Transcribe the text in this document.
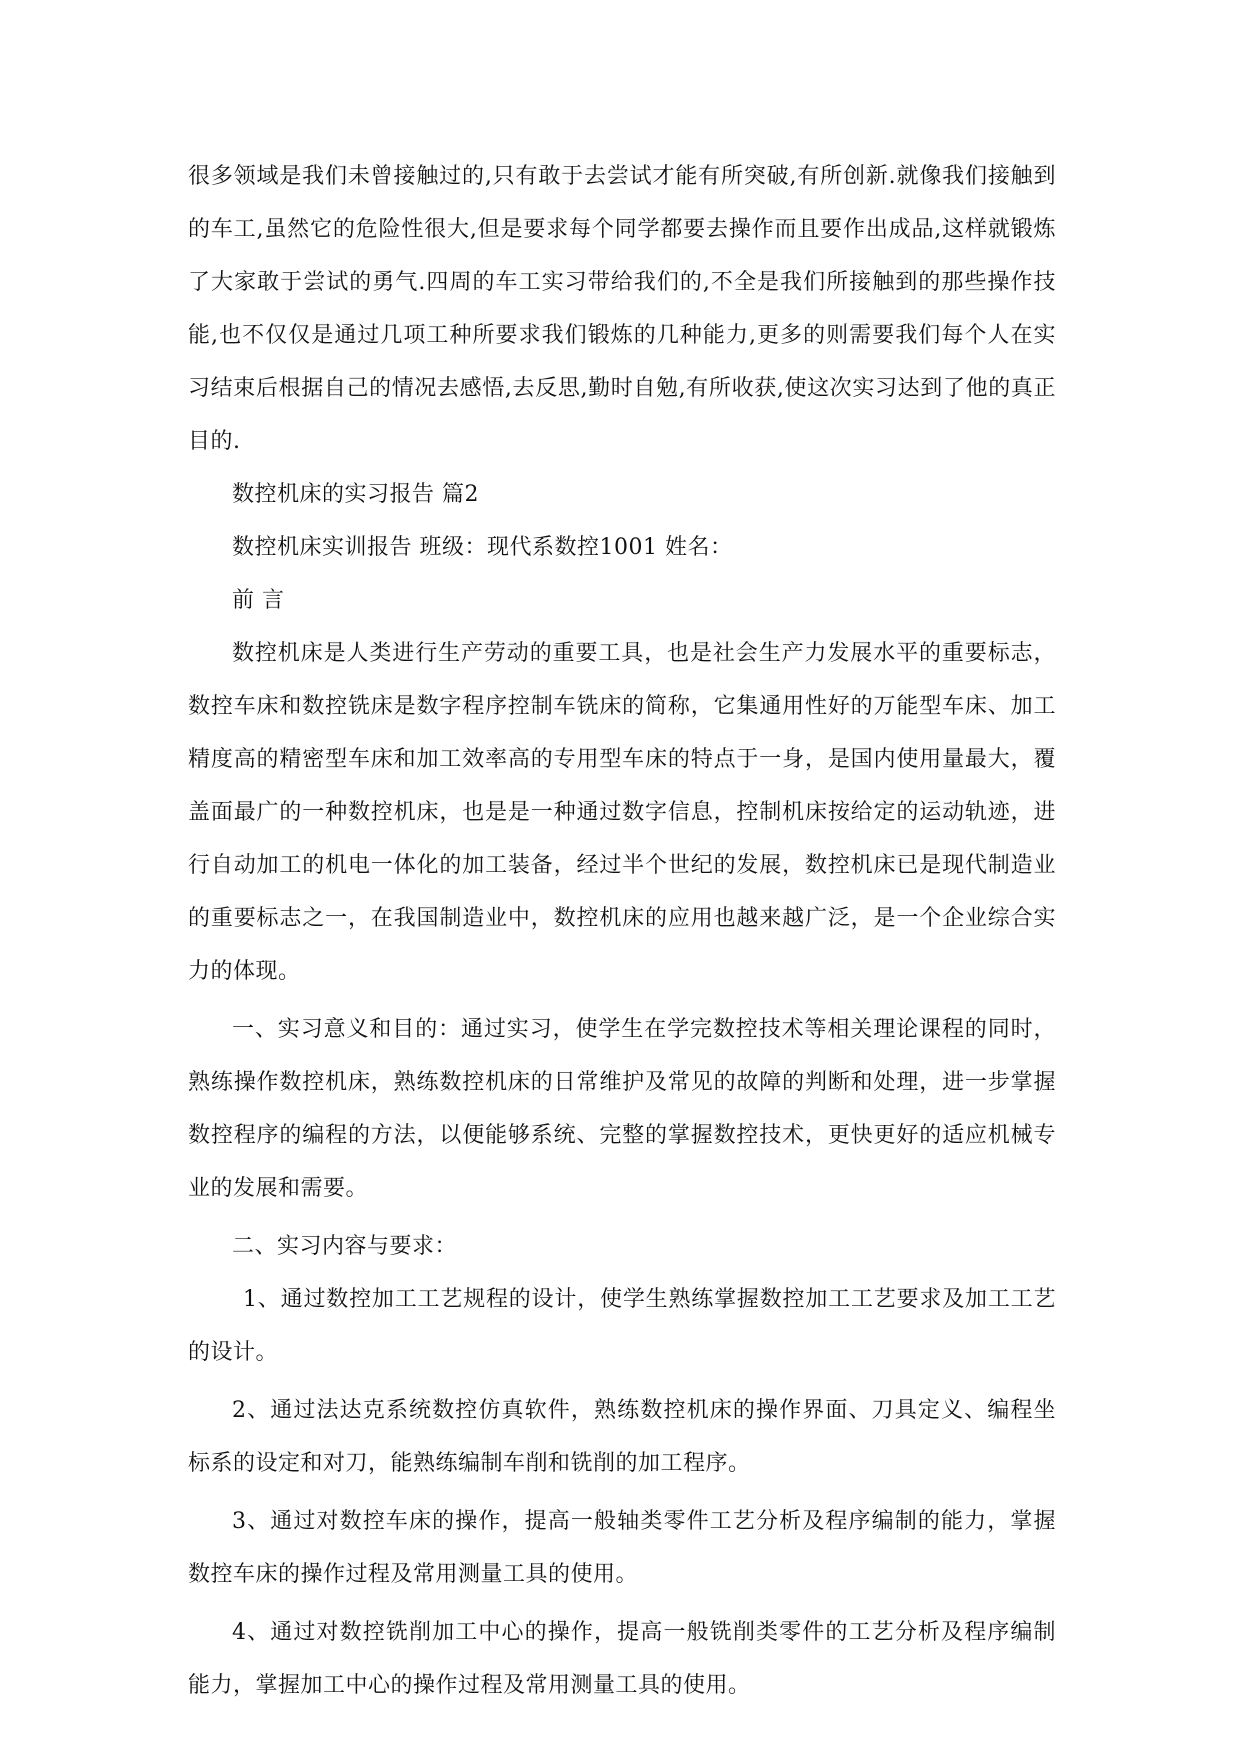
很多领域是我们未曾接触过的,只有敢于去尝试才能有所突破,有所创新.就像我们接触到的车工,虽然它的危险性很大,但是要求每个同学都要去操作而且要作出成品,这样就锻炼了大家敢于尝试的勇气.四周的车工实习带给我们的,不全是我们所接触到的那些操作技能,也不仅仅是通过几项工种所要求我们锻炼的几种能力,更多的则需要我们每个人在实习结束后根据自己的情况去感悟,去反思,勤时自勉,有所收获,使这次实习达到了他的真正目的.

数控机床的实习报告 篇2

数控机床实训报告 班级：现代系数控1001 姓名：

前 言

数控机床是人类进行生产劳动的重要工具，也是社会生产力发展水平的重要标志，数控车床和数控铣床是数字程序控制车铣床的简称，它集通用性好的万能型车床、加工精度高的精密型车床和加工效率高的专用型车床的特点于一身，是国内使用量最大，覆盖面最广的一种数控机床，也是是一种通过数字信息，控制机床按给定的运动轨迹，进行自动加工的机电一体化的加工装备，经过半个世纪的发展，数控机床已是现代制造业的重要标志之一，在我国制造业中，数控机床的应用也越来越广泛，是一个企业综合实力的体现。

一、实习意义和目的：通过实习，使学生在学完数控技术等相关理论课程的同时，熟练操作数控机床，熟练数控机床的日常维护及常见的故障的判断和处理，进一步掌握数控程序的编程的方法，以便能够系统、完整的掌握数控技术，更快更好的适应机械专业的发展和需要。

二、实习内容与要求：

1、通过数控加工工艺规程的设计，使学生熟练掌握数控加工工艺要求及加工工艺的设计。

2、通过法达克系统数控仿真软件，熟练数控机床的操作界面、刀具定义、编程坐标系的设定和对刀，能熟练编制车削和铣削的加工程序。

3、通过对数控车床的操作，提高一般轴类零件工艺分析及程序编制的能力，掌握数控车床的操作过程及常用测量工具的使用。

4、通过对数控铣削加工中心的操作，提高一般铣削类零件的工艺分析及程序编制能力，掌握加工中心的操作过程及常用测量工具的使用。
